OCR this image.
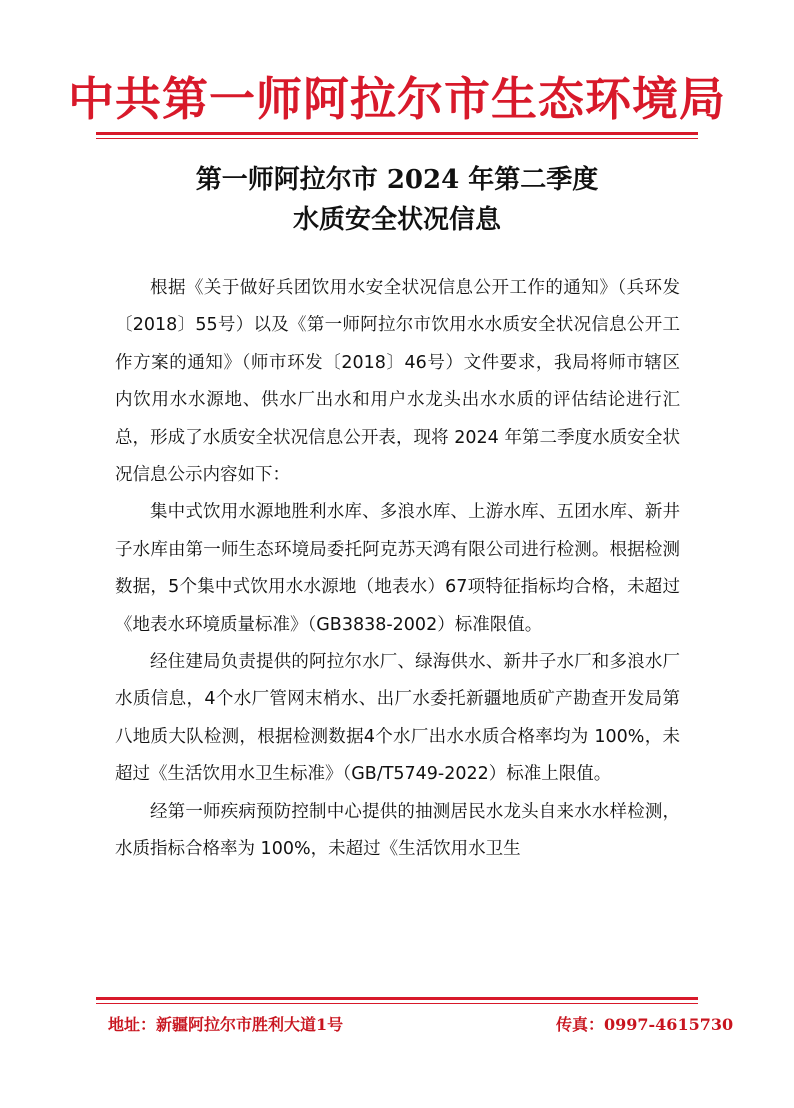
中共第一师阿拉尔市生态环境局
第一师阿拉尔市 2024 年第二季度
水质安全状况信息

根据《关于做好兵团饮用水安全状况信息公开工作的通知》（兵环发〔2018〕55号）以及《第一师阿拉尔市饮用水水质安全状况信息公开工作方案的通知》（师市环发〔2018〕46号）文件要求，我局将师市辖区内饮用水水源地、供水厂出水和用户水龙头出水水质的评估结论进行汇总，形成了水质安全状况信息公开表，现将 2024 年第二季度水质安全状况信息公示内容如下：

集中式饮用水源地胜利水库、多浪水库、上游水库、五团水库、新井子水库由第一师生态环境局委托阿克苏天鸿有限公司进行检测。根据检测数据，5个集中式饮用水水源地（地表水）67项特征指标均合格，未超过《地表水环境质量标准》（GB3838-2002）标准限值。

经住建局负责提供的阿拉尔水厂、绿海供水、新井子水厂和多浪水厂水质信息，4个水厂管网末梢水、出厂水委托新疆地质矿产勘查开发局第八地质大队检测，根据检测数据4个水厂出水水质合格率均为 100%，未超过《生活饮用水卫生标准》（GB/T5749-2022）标准上限值。

经第一师疾病预防控制中心提供的抽测居民水龙头自来水水样检测，水质指标合格率为 100%，未超过《生活饮用水卫生

地址：新疆阿拉尔市胜利大道1号	传真：0997-4615730
